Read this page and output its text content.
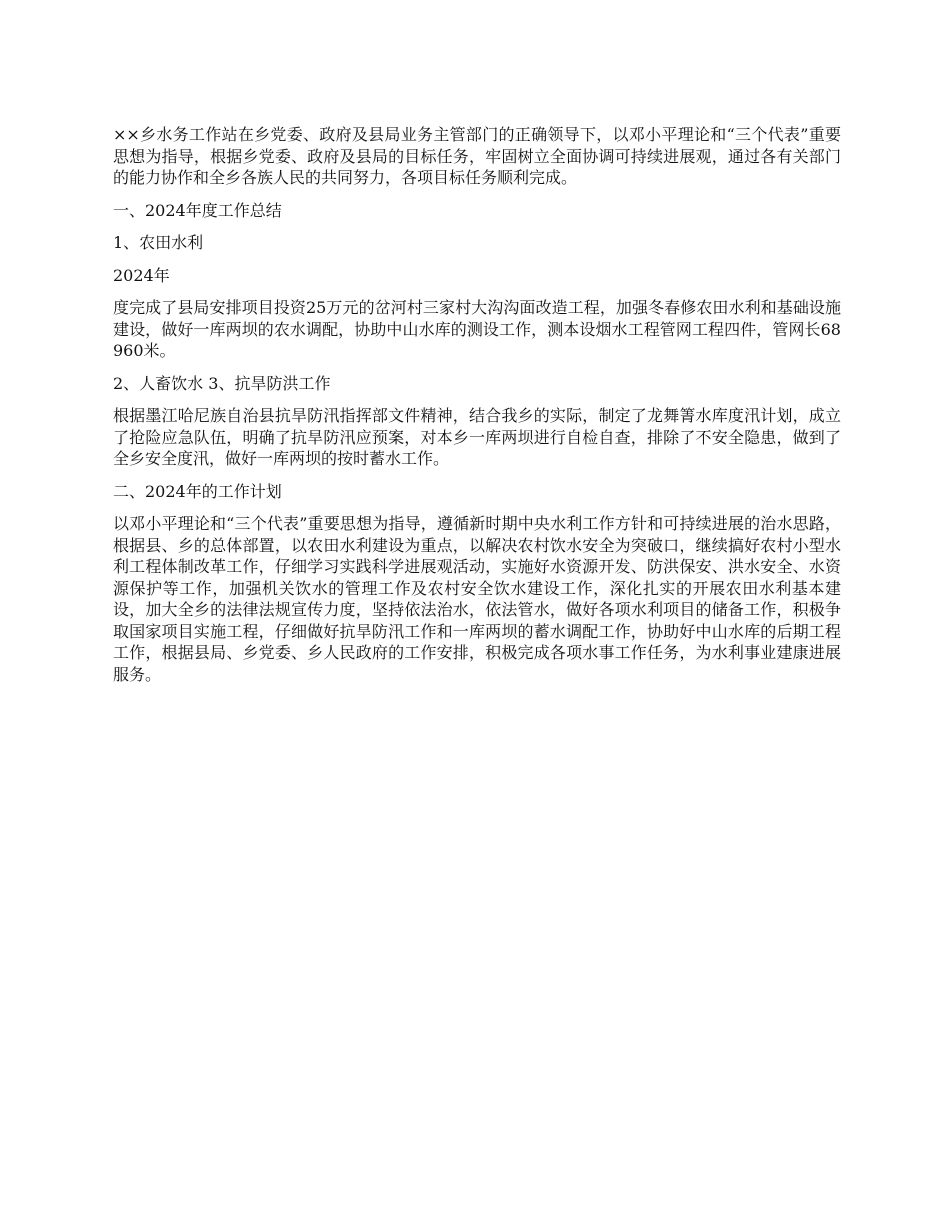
××乡水务工作站在乡党委、政府及县局业务主管部门的正确领导下，以邓小平理论和“三个代表”重要思想为指导，根据乡党委、政府及县局的目标任务，牢固树立全面协调可持续进展观，通过各有关部门的能力协作和全乡各族人民的共同努力，各项目标任务顺利完成。

一、2024年度工作总结

1、农田水利

2024年

度完成了县局安排项目投资25万元的岔河村三家村大沟沟面改造工程，加强冬春修农田水利和基础设施建设，做好一库两坝的农水调配，协助中山水库的测设工作，测本设烟水工程管网工程四件，管网长68960米。

2、人畜饮水 3、抗旱防洪工作

根据墨江哈尼族自治县抗旱防汛指挥部文件精神，结合我乡的实际，制定了龙舞箐水库度汛计划，成立了抢险应急队伍，明确了抗旱防汛应预案，对本乡一库两坝进行自检自查，排除了不安全隐患，做到了全乡安全度汛，做好一库两坝的按时蓄水工作。

二、2024年的工作计划

以邓小平理论和“三个代表”重要思想为指导，遵循新时期中央水利工作方针和可持续进展的治水思路，根据县、乡的总体部置，以农田水利建设为重点，以解决农村饮水安全为突破口，继续搞好农村小型水利工程体制改革工作，仔细学习实践科学进展观活动，实施好水资源开发、防洪保安、洪水安全、水资源保护等工作，加强机关饮水的管理工作及农村安全饮水建设工作，深化扎实的开展农田水利基本建设，加大全乡的法律法规宣传力度，坚持依法治水，依法管水，做好各项水利项目的储备工作，积极争取国家项目实施工程，仔细做好抗旱防汛工作和一库两坝的蓄水调配工作，协助好中山水库的后期工程工作，根据县局、乡党委、乡人民政府的工作安排，积极完成各项水事工作任务，为水利事业建康进展服务。
